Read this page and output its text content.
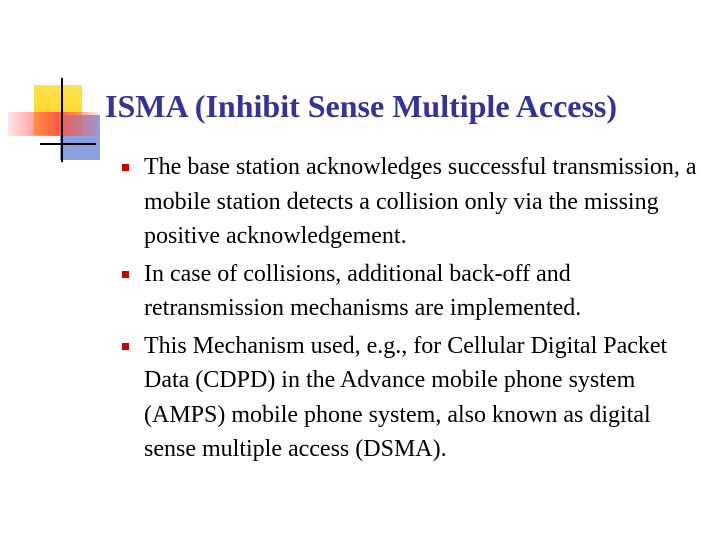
ISMA (Inhibit Sense Multiple Access)
The base station acknowledges successful transmission, a mobile station detects a collision only via the missing positive acknowledgement.
In case of collisions, additional back-off and retransmission mechanisms are implemented.
This Mechanism used, e.g., for Cellular Digital Packet Data (CDPD) in the Advance mobile phone system (AMPS) mobile phone system, also known as digital sense multiple access (DSMA).
